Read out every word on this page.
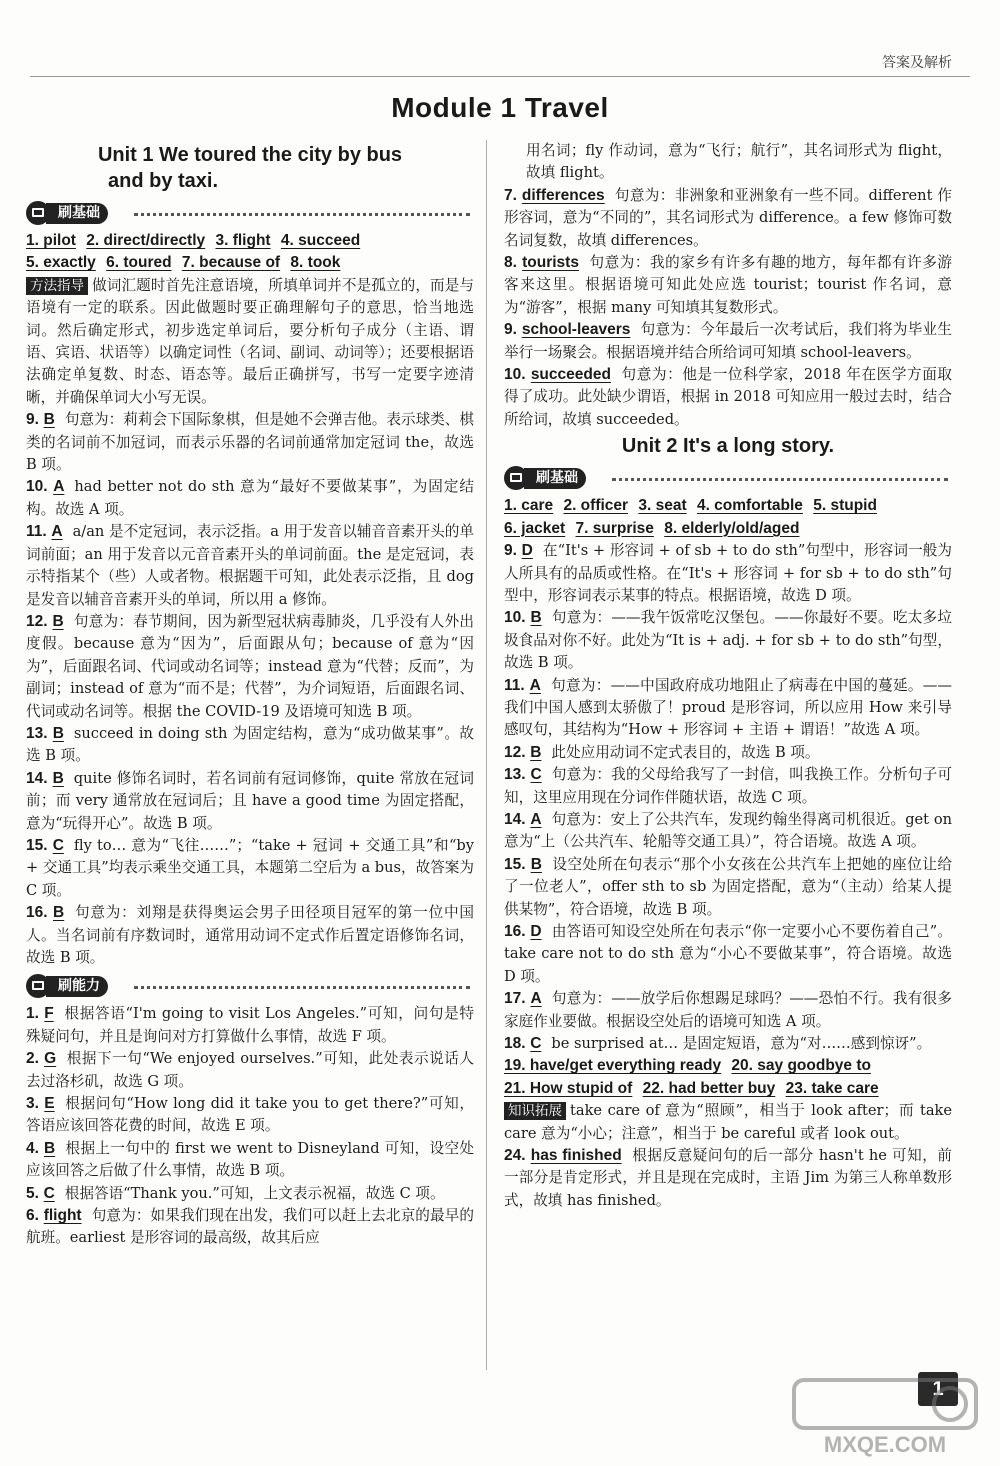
答案及解析
Module 1 Travel
Unit 1 We toured the city by bus
and by taxi.
刷基础
1. pilot 2. direct/directly 3. flight 4. succeed
5. exactly 6. toured 7. because of 8. took

方法指导 做词汇题时首先注意语境，所填单词并不是孤立的，而是与语境有一定的联系。因此做题时要正确理解句子的意思，恰当地选词。然后确定形式，初步选定单词后，要分析句子成分（主语、谓语、宾语、状语等）以确定词性（名词、副词、动词等）；还要根据语法确定单复数、时态、语态等。最后正确拼写，书写一定要字迹清晰，并确保单词大小写无误。

9. B 句意为：莉莉会下国际象棋，但是她不会弹吉他。表示球类、棋类的名词前不加冠词，而表示乐器的名词前通常加定冠词 the，故选 B 项。

10. A had better not do sth 意为“最好不要做某事”，为固定结构。故选 A 项。

11. A a/an 是不定冠词，表示泛指。a 用于发音以辅音音素开头的单词前面；an 用于发音以元音音素开头的单词前面。the 是定冠词，表示特指某个（些）人或者物。根据题干可知，此处表示泛指，且 dog 是发音以辅音音素开头的单词，所以用 a 修饰。

12. B 句意为：春节期间，因为新型冠状病毒肺炎，几乎没有人外出度假。because 意为“因为”，后面跟从句；because of 意为“因为”，后面跟名词、代词或动名词等；instead 意为“代替；反而”，为副词；instead of 意为“而不是；代替”，为介词短语，后面跟名词、代词或动名词等。根据 the COVID-19 及语境可知选 B 项。

13. B succeed in doing sth 为固定结构，意为“成功做某事”。故选 B 项。

14. B quite 修饰名词时，若名词前有冠词修饰，quite 常放在冠词前；而 very 通常放在冠词后；且 have a good time 为固定搭配，意为“玩得开心”。故选 B 项。

15. C fly to… 意为“飞往……”；“take + 冠词 + 交通工具”和“by + 交通工具”均表示乘坐交通工具，本题第二空后为 a bus，故答案为 C 项。

16. B 句意为：刘翔是获得奥运会男子田径项目冠军的第一位中国人。当名词前有序数词时，通常用动词不定式作后置定语修饰名词，故选 B 项。

刷能力

1. F 根据答语“I'm going to visit Los Angeles.”可知，问句是特殊疑问句，并且是询问对方打算做什么事情，故选 F 项。

2. G 根据下一句“We enjoyed ourselves.”可知，此处表示说话人去过洛杉矶，故选 G 项。

3. E 根据问句“How long did it take you to get there?”可知，答语应该回答花费的时间，故选 E 项。

4. B 根据上一句中的 first we went to Disneyland 可知，设空处应该回答之后做了什么事情，故选 B 项。

5. C 根据答语“Thank you.”可知，上文表示祝福，故选 C 项。

6. flight 句意为：如果我们现在出发，我们可以赶上去北京的最早的航班。earliest 是形容词的最高级，故其后应

用名词；fly 作动词，意为“飞行；航行”，其名词形式为 flight，故填 flight。

7. differences 句意为：非洲象和亚洲象有一些不同。different 作形容词，意为“不同的”，其名词形式为 difference。a few 修饰可数名词复数，故填 differences。

8. tourists 句意为：我的家乡有许多有趣的地方，每年都有许多游客来这里。根据语境可知此处应选 tourist；tourist 作名词，意为“游客”，根据 many 可知填其复数形式。

9. school-leavers 句意为：今年最后一次考试后，我们将为毕业生举行一场聚会。根据语境并结合所给词可知填 school-leavers。

10. succeeded 句意为：他是一位科学家，2018 年在医学方面取得了成功。此处缺少谓语，根据 in 2018 可知应用一般过去时，结合所给词，故填 succeeded。

Unit 2 It's a long story.
刷基础
1. care 2. officer 3. seat 4. comfortable 5. stupid
6. jacket 7. surprise 8. elderly/old/aged

9. D 在“It's + 形容词 + of sb + to do sth”句型中，形容词一般为人所具有的品质或性格。在“It's + 形容词 + for sb + to do sth”句型中，形容词表示某事的特点。根据语境，故选 D 项。

10. B 句意为：——我午饭常吃汉堡包。——你最好不要。吃太多垃圾食品对你不好。此处为“It is + adj. + for sb + to do sth”句型，故选 B 项。

11. A 句意为：——中国政府成功地阻止了病毒在中国的蔓延。——我们中国人感到太骄傲了！proud 是形容词，所以应用 How 来引导感叹句，其结构为“How + 形容词 + 主语 + 谓语！”故选 A 项。

12. B 此处应用动词不定式表目的，故选 B 项。

13. C 句意为：我的父母给我写了一封信，叫我换工作。分析句子可知，这里应用现在分词作伴随状语，故选 C 项。

14. A 句意为：安上了公共汽车，发现约翰坐得离司机很近。get on 意为“上（公共汽车、轮船等交通工具）”，符合语境。故选 A 项。

15. B 设空处所在句表示“那个小女孩在公共汽车上把她的座位让给了一位老人”，offer sth to sb 为固定搭配，意为“（主动）给某人提供某物”，符合语境，故选 B 项。

16. D 由答语可知设空处所在句表示“你一定要小心不要伤着自己”。take care not to do sth 意为“小心不要做某事”，符合语境。故选 D 项。

17. A 句意为：——放学后你想踢足球吗？——恐怕不行。我有很多家庭作业要做。根据设空处后的语境可知选 A 项。

18. C be surprised at… 是固定短语，意为“对……感到惊讶”。

19. have/get everything ready 20. say goodbye to
21. How stupid of 22. had better buy 23. take care

知识拓展 take care of 意为“照顾”，相当于 look after；而 take care 意为“小心；注意”，相当于 be careful 或者 look out。

24. has finished 根据反意疑问句的后一部分 hasn't he 可知，前一部分是肯定形式，并且是现在完成时，主语 Jim 为第三人称单数形式，故填 has finished。

1
MXQE.COM
